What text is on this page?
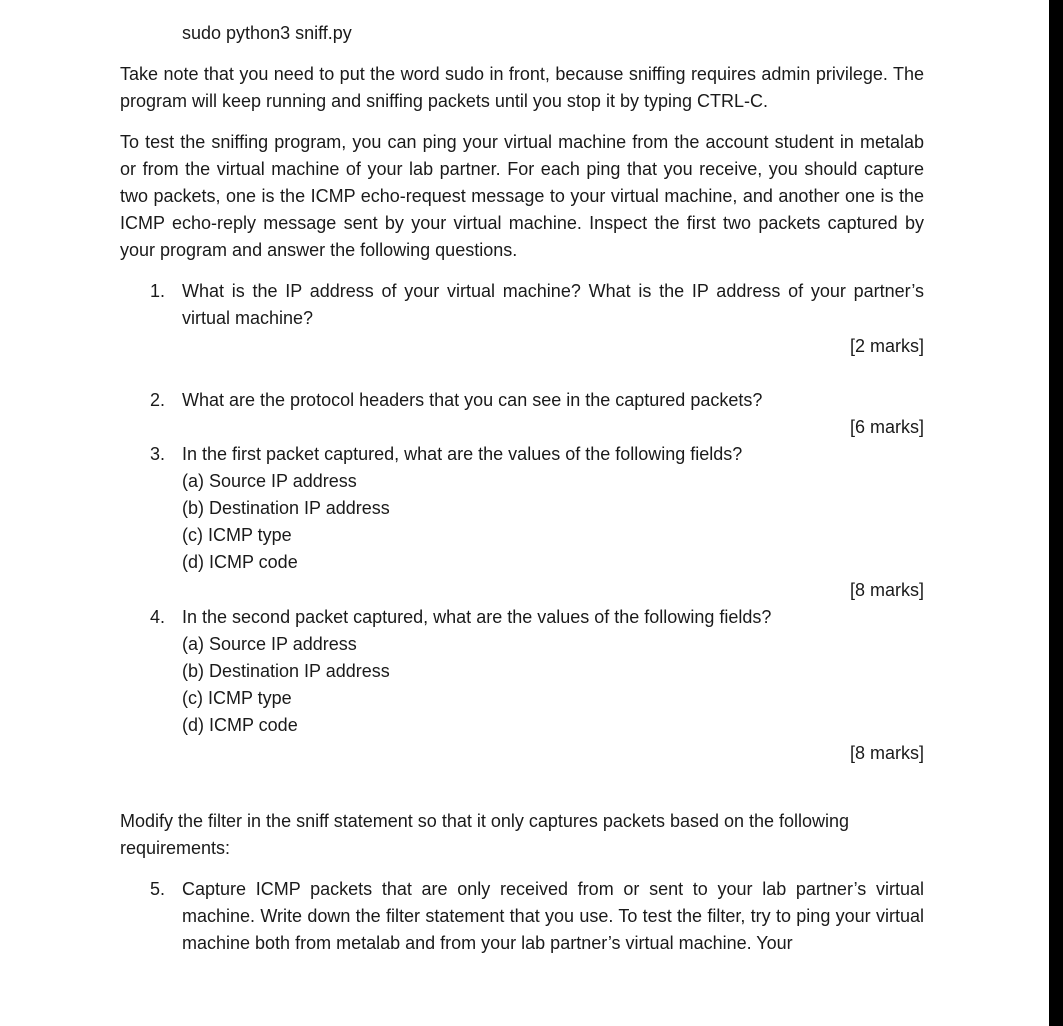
sudo python3 sniff.py
Take note that you need to put the word sudo in front, because sniffing requires admin privilege. The program will keep running and sniffing packets until you stop it by typing CTRL-C.
To test the sniffing program, you can ping your virtual machine from the account student in metalab or from the virtual machine of your lab partner. For each ping that you receive, you should capture two packets, one is the ICMP echo-request message to your virtual machine, and another one is the ICMP echo-reply message sent by your virtual machine. Inspect the first two packets captured by your program and answer the following questions.
1. What is the IP address of your virtual machine? What is the IP address of your partner’s virtual machine?
[2 marks]
2. What are the protocol headers that you can see in the captured packets?
[6 marks]
3. In the first packet captured, what are the values of the following fields?
(a) Source IP address
(b) Destination IP address
(c) ICMP type
(d) ICMP code
[8 marks]
4. In the second packet captured, what are the values of the following fields?
(a) Source IP address
(b) Destination IP address
(c) ICMP type
(d) ICMP code
[8 marks]
Modify the filter in the sniff statement so that it only captures packets based on the following requirements:
5. Capture ICMP packets that are only received from or sent to your lab partner’s virtual machine. Write down the filter statement that you use. To test the filter, try to ping your virtual machine both from metalab and from your lab partner’s virtual machine. Your
